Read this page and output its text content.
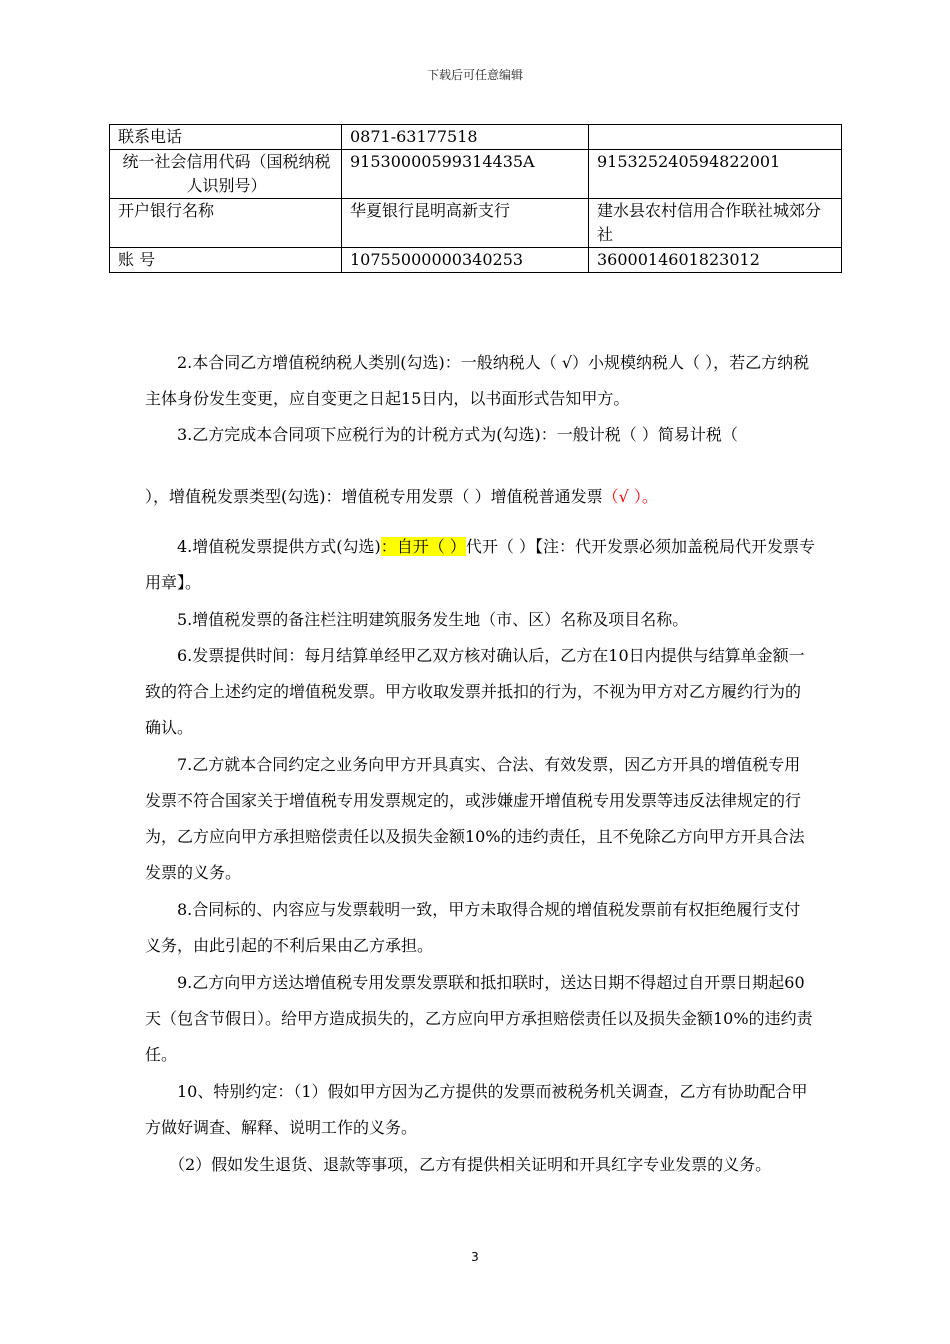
下载后可任意编辑
联系电话	0871-63177518	
统一社会信用代码（国税纳税人识别号）	91530000599314435A	915325240594822001
开户银行名称	华夏银行昆明高新支行	建水县农村信用合作联社城郊分社
账 号	10755000000340253	3600014601823012
2.本合同乙方增值税纳税人类别(勾选)：一般纳税人（ √）小规模纳税人（ ），若乙方纳税主体身份发生变更，应自变更之日起15日内，以书面形式告知甲方。
3.乙方完成本合同项下应税行为的计税方式为(勾选)：一般计税（ ）简易计税（
），增值税发票类型(勾选)：增值税专用发票（ ）增值税普通发票（√ ）。
4.增值税发票提供方式(勾选)：自开（ ）代开（ ）【注：代开发票必须加盖税局代开发票专用章】。
5.增值税发票的备注栏注明建筑服务发生地（市、区）名称及项目名称。
6.发票提供时间：每月结算单经甲乙双方核对确认后，乙方在10日内提供与结算单金额一致的符合上述约定的增值税发票。甲方收取发票并抵扣的行为，不视为甲方对乙方履约行为的确认。
7.乙方就本合同约定之业务向甲方开具真实、合法、有效发票，因乙方开具的增值税专用发票不符合国家关于增值税专用发票规定的，或涉嫌虚开增值税专用发票等违反法律规定的行为，乙方应向甲方承担赔偿责任以及损失金额10%的违约责任，且不免除乙方向甲方开具合法发票的义务。
8.合同标的、内容应与发票载明一致，甲方未取得合规的增值税发票前有权拒绝履行支付义务，由此引起的不利后果由乙方承担。
9.乙方向甲方送达增值税专用发票发票联和抵扣联时，送达日期不得超过自开票日期起60天（包含节假日）。给甲方造成损失的，乙方应向甲方承担赔偿责任以及损失金额10%的违约责任。
10、特别约定：（1）假如甲方因为乙方提供的发票而被税务机关调查，乙方有协助配合甲方做好调查、解释、说明工作的义务。
（2）假如发生退货、退款等事项，乙方有提供相关证明和开具红字专业发票的义务。
3
